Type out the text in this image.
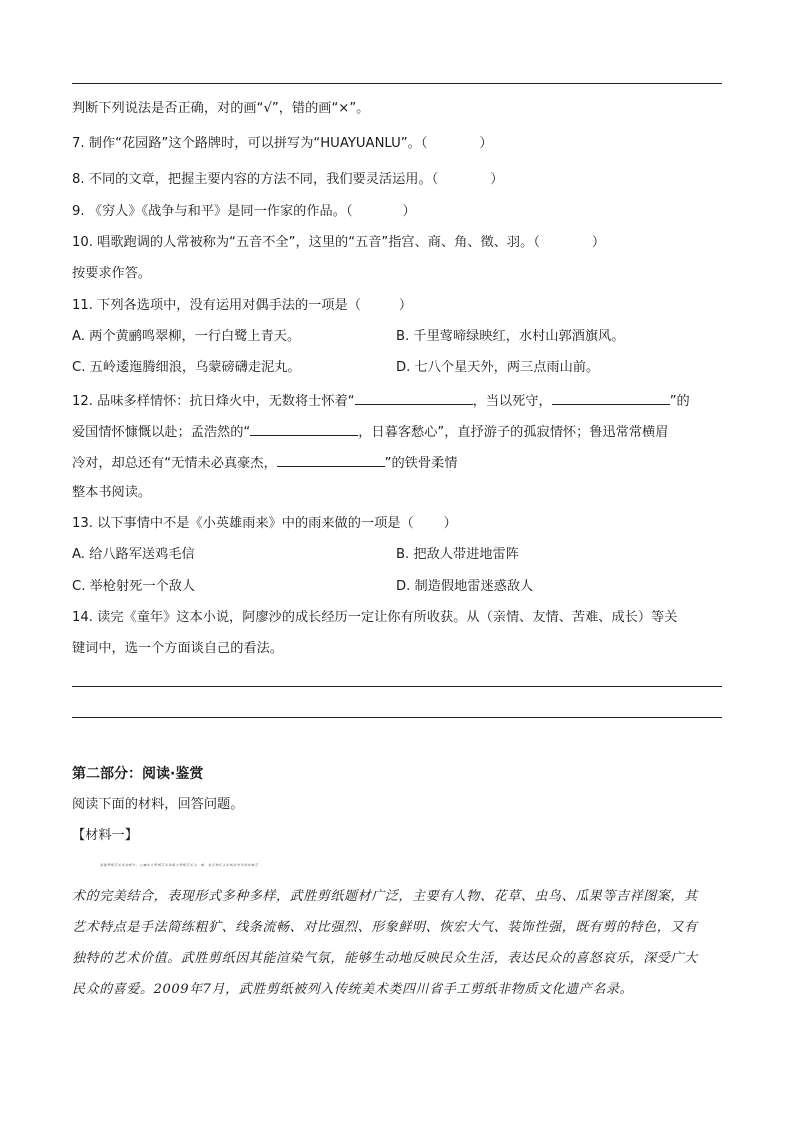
判断下列说法是否正确，对的画“√”，错的画“×”。
7. 制作“花园路”这个路牌时，可以拼写为“HUAYUANLU”。（	）
8. 不同的文章，把握主要内容的方法不同，我们要灵活运用。（	）
9. 《穷人》《战争与和平》是同一作家的作品。（	）
10. 唱歌跑调的人常被称为“五音不全”，这里的“五音”指宫、商、角、徵、羽。（	）
按要求作答。
11. 下列各选项中，没有运用对偶手法的一项是（	）
A. 两个黄鹂鸣翠柳，一行白鹭上青天。	B. 千里莺啼绿映红，水村山郭酒旗风。
C. 五岭逶迤腾细浪，乌蒙磅礴走泥丸。	D. 七八个星天外，两三点雨山前。
12. 品味多样情怀：抗日烽火中，无数将士怀着“	，当以死守，	”的
爱国情怀慷慨以赴；孟浩然的“	，日暮客愁心”，直抒游子的孤寂情怀；鲁迅常常横眉
冷对，却总还有“无情未必真豪杰，	”的铁骨柔情
整本书阅读。
13. 以下事情中不是《小英雄雨来》中的雨来做的一项是（ ）
A. 给八路军送鸡毛信	B. 把敌人带进地雷阵
C. 举枪射死一个敌人	D. 制造假地雷迷惑敌人
14. 读完《童年》这本小说，阿廖沙的成长经历一定让你有所收获。从（亲情、友情、苦难、成长）等关
键词中，选一个方面谈自己的看法。
第二部分：阅读·鉴赏
阅读下面的材料，回答问题。
【材料一】
武胜剪纸艺术历史悠久，它融北方剪纸艺术和南方剪纸艺术为一体，也是现代美术知识与民间传统艺
术的完美结合，表现形式多种多样，武胜剪纸题材广泛，主要有人物、花草、虫鸟、瓜果等吉祥图案，其
艺术特点是手法简练粗犷、线条流畅、对比强烈、形象鲜明、恢宏大气、装饰性强，既有剪的特色，又有
独特的艺术价值。武胜剪纸因其能渲染气氛，能够生动地反映民众生活，表达民众的喜怒哀乐，深受广大
民众的喜爱。2009年7月，武胜剪纸被列入传统美术类四川省手工剪纸非物质文化遗产名录。
